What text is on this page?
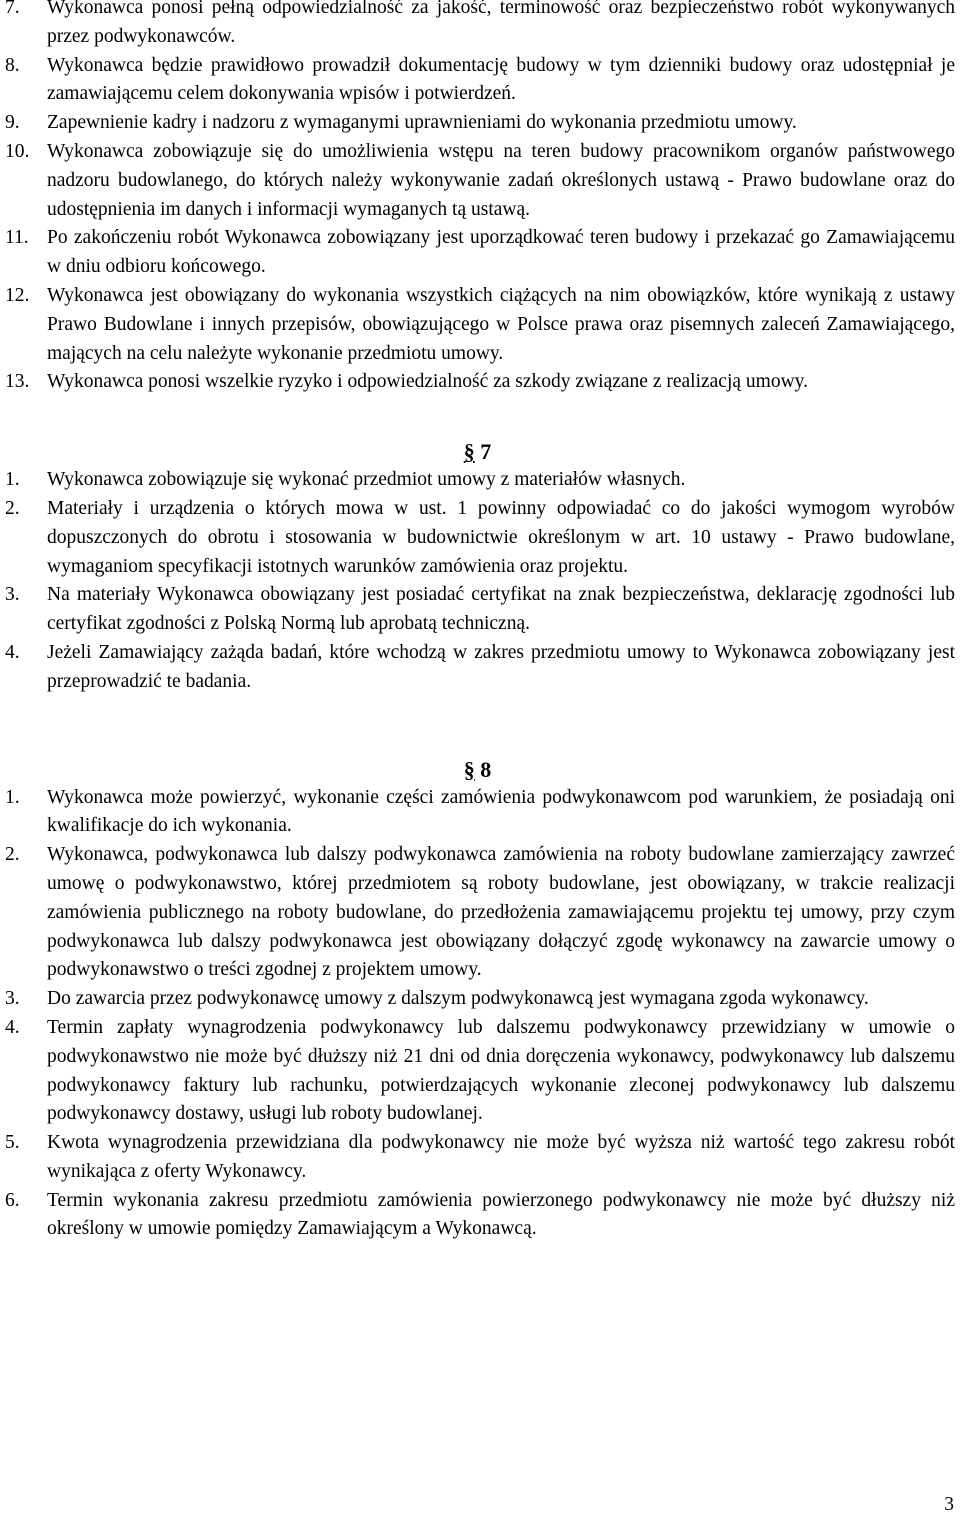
7. Wykonawca ponosi pełną odpowiedzialność za jakość, terminowość oraz bezpieczeństwo robót wykonywanych przez podwykonawców.
8. Wykonawca będzie prawidłowo prowadził dokumentację budowy w tym dzienniki budowy oraz udostępniał je zamawiającemu celem dokonywania wpisów i potwierdzeń.
9. Zapewnienie kadry i nadzoru z wymaganymi uprawnieniami do wykonania przedmiotu umowy.
10. Wykonawca zobowiązuje się do umożliwienia wstępu na teren budowy pracownikom organów państwowego nadzoru budowlanego, do których należy wykonywanie zadań określonych ustawą - Prawo budowlane oraz do udostępnienia im danych i informacji wymaganych tą ustawą.
11. Po zakończeniu robót Wykonawca zobowiązany jest uporządkować teren budowy i przekazać go Zamawiającemu w dniu odbioru końcowego.
12. Wykonawca jest obowiązany do wykonania wszystkich ciążących na nim obowiązków, które wynikają z ustawy Prawo Budowlane i innych przepisów, obowiązującego w Polsce prawa oraz pisemnych zaleceń Zamawiającego, mających na celu należyte wykonanie przedmiotu umowy.
13. Wykonawca ponosi wszelkie ryzyko i odpowiedzialność za szkody związane z realizacją umowy.
§ 7
1. Wykonawca zobowiązuje się wykonać przedmiot umowy z materiałów własnych.
2. Materiały i urządzenia o których mowa w ust. 1 powinny odpowiadać co do jakości wymogom wyrobów dopuszczonych do obrotu i stosowania w budownictwie określonym w art. 10 ustawy - Prawo budowlane, wymaganiom specyfikacji istotnych warunków zamówienia oraz projektu.
3. Na materiały Wykonawca obowiązany jest posiadać certyfikat na znak bezpieczeństwa, deklarację zgodności lub certyfikat zgodności z Polską Normą lub aprobatą techniczną.
4. Jeżeli Zamawiający zażąda badań, które wchodzą w zakres przedmiotu umowy to Wykonawca zobowiązany jest przeprowadzić te badania.
§ 8
1. Wykonawca może powierzyć, wykonanie części zamówienia podwykonawcom pod warunkiem, że posiadają oni kwalifikacje do ich wykonania.
2. Wykonawca, podwykonawca lub dalszy podwykonawca zamówienia na roboty budowlane zamierzający zawrzeć umowę o podwykonawstwo, której przedmiotem są roboty budowlane, jest obowiązany, w trakcie realizacji zamówienia publicznego na roboty budowlane, do przedłożenia zamawiającemu projektu tej umowy, przy czym podwykonawca lub dalszy podwykonawca jest obowiązany dołączyć zgodę wykonawcy na zawarcie umowy o podwykonawstwo o treści zgodnej z projektem umowy.
3. Do zawarcia przez podwykonawcę umowy z dalszym podwykonawcą jest wymagana zgoda wykonawcy.
4. Termin zapłaty wynagrodzenia podwykonawcy lub dalszemu podwykonawcy przewidziany w umowie o podwykonawstwo nie może być dłuższy niż 21 dni od dnia doręczenia wykonawcy, podwykonawcy lub dalszemu podwykonawcy faktury lub rachunku, potwierdzających wykonanie zleconej podwykonawcy lub dalszemu podwykonawcy dostawy, usługi lub roboty budowlanej.
5. Kwota wynagrodzenia przewidziana dla podwykonawcy nie może być wyższa niż wartość tego zakresu robót wynikająca z oferty Wykonawcy.
6. Termin wykonania zakresu przedmiotu zamówienia powierzonego podwykonawcy nie może być dłuższy niż określony w umowie pomiędzy Zamawiającym a Wykonawcą.
3
